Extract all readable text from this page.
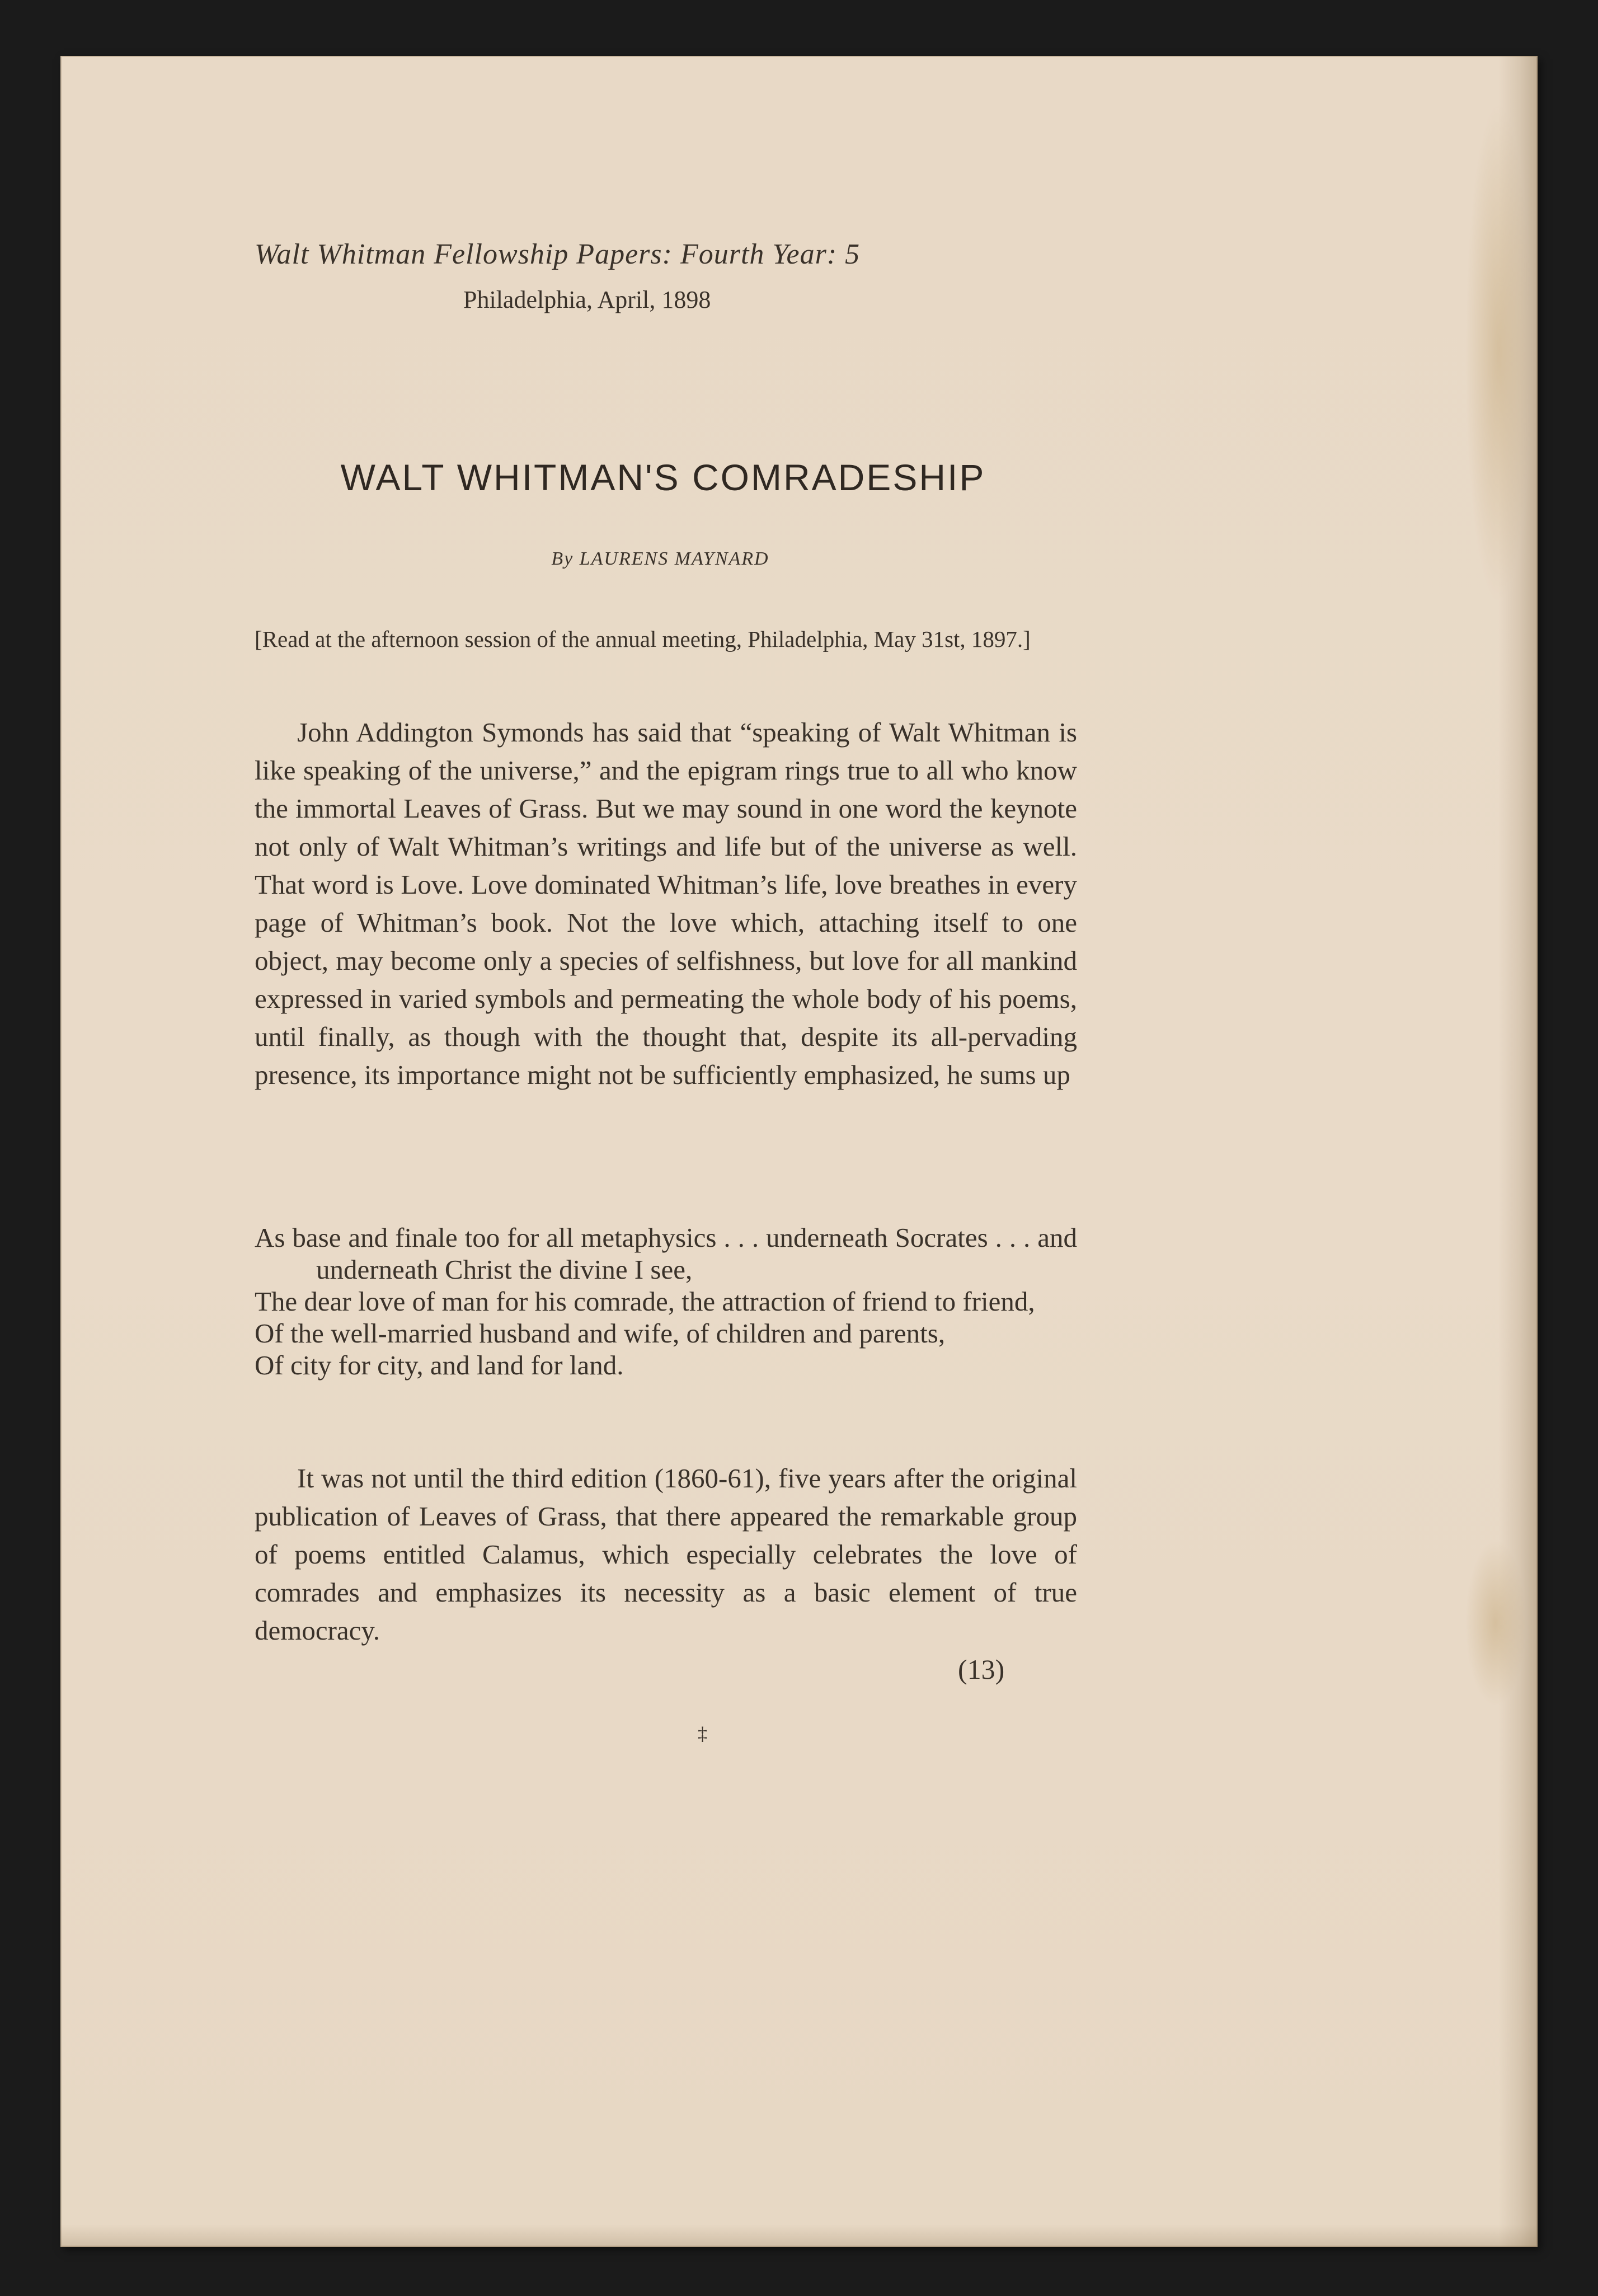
Walt Whitman Fellowship Papers: Fourth Year: 5
Philadelphia, April, 1898
WALT WHITMAN'S COMRADESHIP
By LAURENS MAYNARD
[Read at the afternoon session of the annual meeting, Philadelphia, May 31st, 1897.]

John Addington Symonds has said that “speaking of Walt Whitman is like speaking of the universe,” and the epigram rings true to all who know the immortal Leaves of Grass. But we may sound in one word the keynote not only of Walt Whitman’s writings and life but of the universe as well. That word is Love. Love dominated Whitman’s life, love breathes in every page of Whitman’s book. Not the love which, attaching itself to one object, may become only a species of selfishness, but love for all mankind expressed in varied symbols and permeating the whole body of his poems, until finally, as though with the thought that, despite its all-pervading presence, its importance might not be sufficiently emphasized, he sums up

As base and finale too for all metaphysics . . . underneath Socrates . . . and underneath Christ the divine I see,

The dear love of man for his comrade, the attraction of friend to friend,

Of the well-married husband and wife, of children and parents,

Of city for city, and land for land.

It was not until the third edition (1860-61), five years after the original publication of Leaves of Grass, that there appeared the remarkable group of poems entitled Calamus, which especially celebrates the love of comrades and emphasizes its necessity as a basic element of true democracy.

(13)
‡
